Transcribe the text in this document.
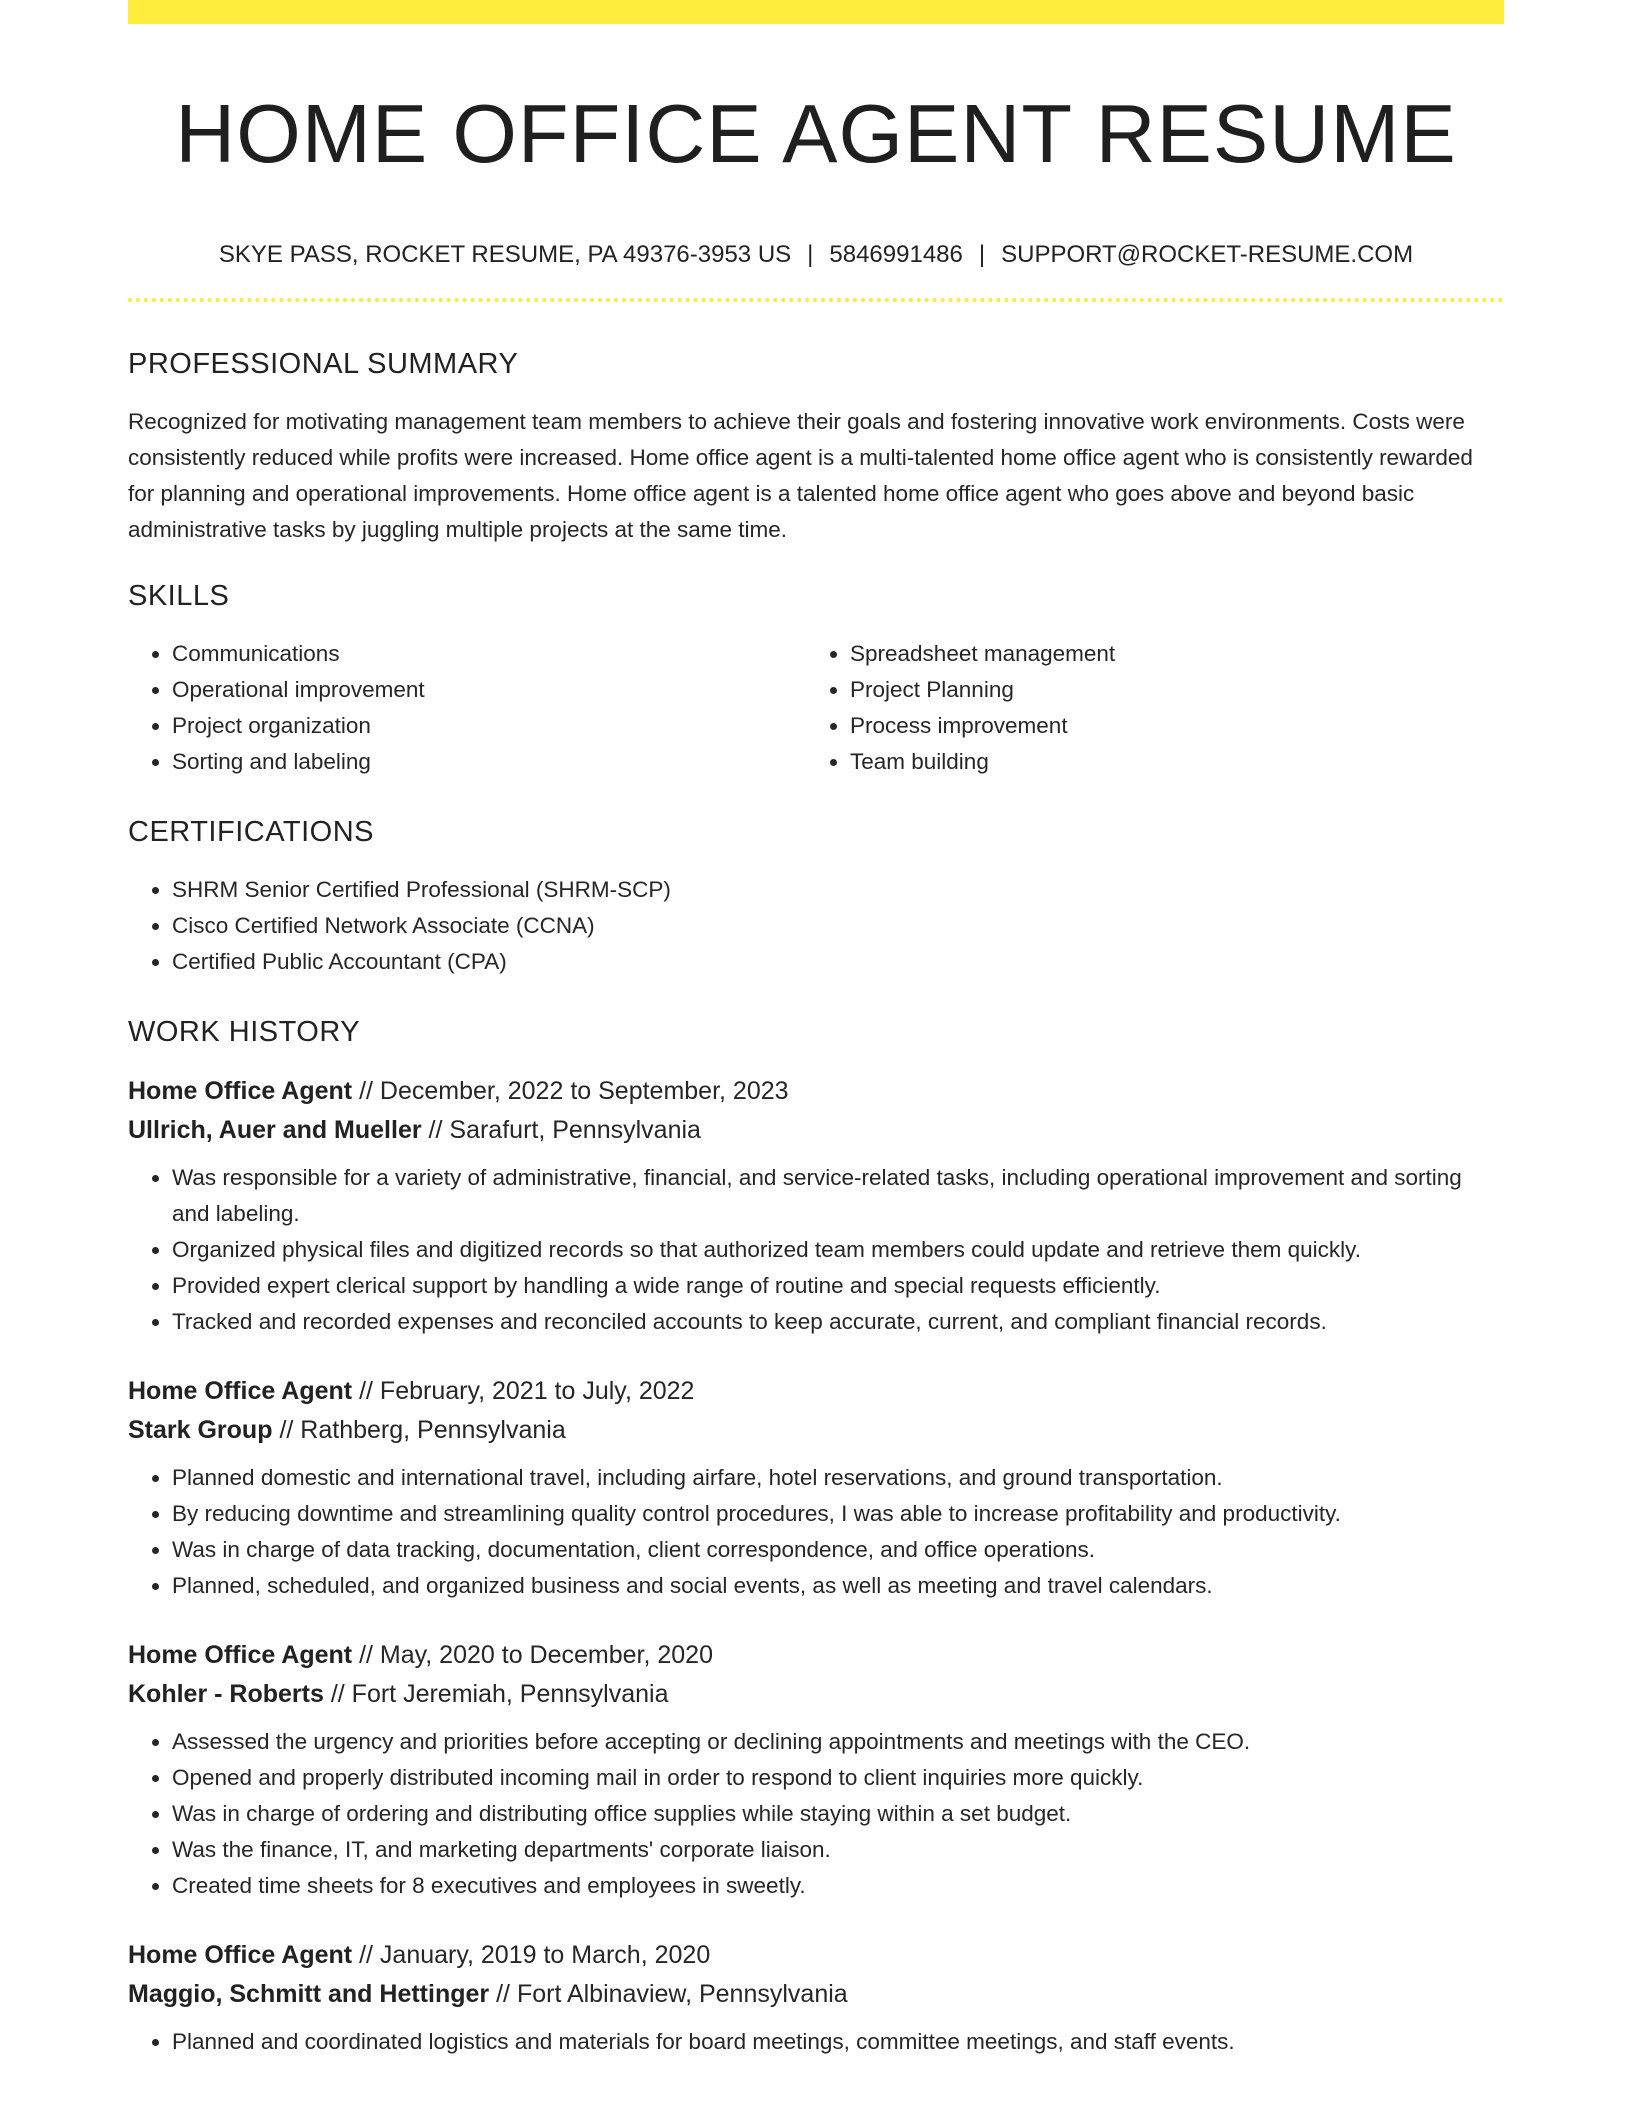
HOME OFFICE AGENT RESUME
SKYE PASS, ROCKET RESUME, PA 49376-3953 US | 5846991486 | SUPPORT@ROCKET-RESUME.COM
PROFESSIONAL SUMMARY

Recognized for motivating management team members to achieve their goals and fostering innovative work environments. Costs were consistently reduced while profits were increased. Home office agent is a multi-talented home office agent who is consistently rewarded for planning and operational improvements. Home office agent is a talented home office agent who goes above and beyond basic administrative tasks by juggling multiple projects at the same time.

SKILLS
• Communications
• Operational improvement
• Project organization
• Sorting and labeling
• Spreadsheet management
• Project Planning
• Process improvement
• Team building
CERTIFICATIONS
• SHRM Senior Certified Professional (SHRM-SCP)
• Cisco Certified Network Associate (CCNA)
• Certified Public Accountant (CPA)
WORK HISTORY
Home Office Agent // December, 2022 to September, 2023
Ullrich, Auer and Mueller // Sarafurt, Pennsylvania
• Was responsible for a variety of administrative, financial, and service-related tasks, including operational improvement and sorting and labeling.
• Organized physical files and digitized records so that authorized team members could update and retrieve them quickly.
• Provided expert clerical support by handling a wide range of routine and special requests efficiently.
• Tracked and recorded expenses and reconciled accounts to keep accurate, current, and compliant financial records.
Home Office Agent // February, 2021 to July, 2022
Stark Group // Rathberg, Pennsylvania
• Planned domestic and international travel, including airfare, hotel reservations, and ground transportation.
• By reducing downtime and streamlining quality control procedures, I was able to increase profitability and productivity.
• Was in charge of data tracking, documentation, client correspondence, and office operations.
• Planned, scheduled, and organized business and social events, as well as meeting and travel calendars.
Home Office Agent // May, 2020 to December, 2020
Kohler - Roberts // Fort Jeremiah, Pennsylvania
• Assessed the urgency and priorities before accepting or declining appointments and meetings with the CEO.
• Opened and properly distributed incoming mail in order to respond to client inquiries more quickly.
• Was in charge of ordering and distributing office supplies while staying within a set budget.
• Was the finance, IT, and marketing departments' corporate liaison.
• Created time sheets for 8 executives and employees in sweetly.
Home Office Agent // January, 2019 to March, 2020
Maggio, Schmitt and Hettinger // Fort Albinaview, Pennsylvania
• Planned and coordinated logistics and materials for board meetings, committee meetings, and staff events.
